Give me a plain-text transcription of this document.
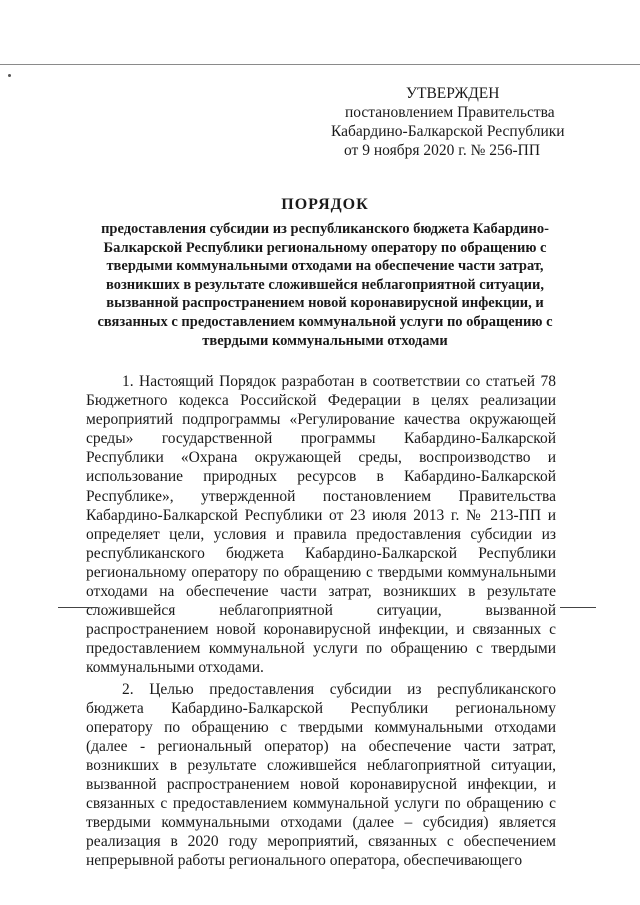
УТВЕРЖДЕН
постановлением Правительства
Кабардино-Балкарской Республики
от 9 ноября 2020 г. № 256-ПП
ПОРЯДОК
предоставления субсидии из республиканского бюджета Кабардино-Балкарской Республики региональному оператору по обращению с твердыми коммунальными отходами на обеспечение части затрат, возникших в результате сложившейся неблагоприятной ситуации, вызванной распространением новой коронавирусной инфекции, и связанных с предоставлением коммунальной услуги по обращению с твердыми коммунальными отходами

1. Настоящий Порядок разработан в соответствии со статьей 78 Бюджетного кодекса Российской Федерации в целях реализации мероприятий подпрограммы «Регулирование качества окружающей среды» государственной программы Кабардино-Балкарской Республики «Охрана окружающей среды, воспроизводство и использование природных ресурсов в Кабардино-Балкарской Республике», утвержденной постановлением Правительства Кабардино-Балкарской Республики от 23 июля 2013 г. № 213-ПП и определяет цели, условия и правила предоставления субсидии из республиканского бюджета Кабардино-Балкарской Республики региональному оператору по обращению с твердыми коммунальными отходами на обеспечение части затрат, возникших в результате сложившейся неблагоприятной ситуации, вызванной распространением новой коронавирусной инфекции, и связанных с предоставлением коммунальной услуги по обращению с твердыми коммунальными отходами.

2. Целью предоставления субсидии из республиканского бюджета Кабардино-Балкарской Республики региональному оператору по обращению с твердыми коммунальными отходами (далее - региональный оператор) на обеспечение части затрат, возникших в результате сложившейся неблагоприятной ситуации, вызванной распространением новой коронавирусной инфекции, и связанных с предоставлением коммунальной услуги по обращению с твердыми коммунальными отходами (далее – субсидия) является реализация в 2020 году мероприятий, связанных с обеспечением непрерывной работы регионального оператора, обеспечивающего
